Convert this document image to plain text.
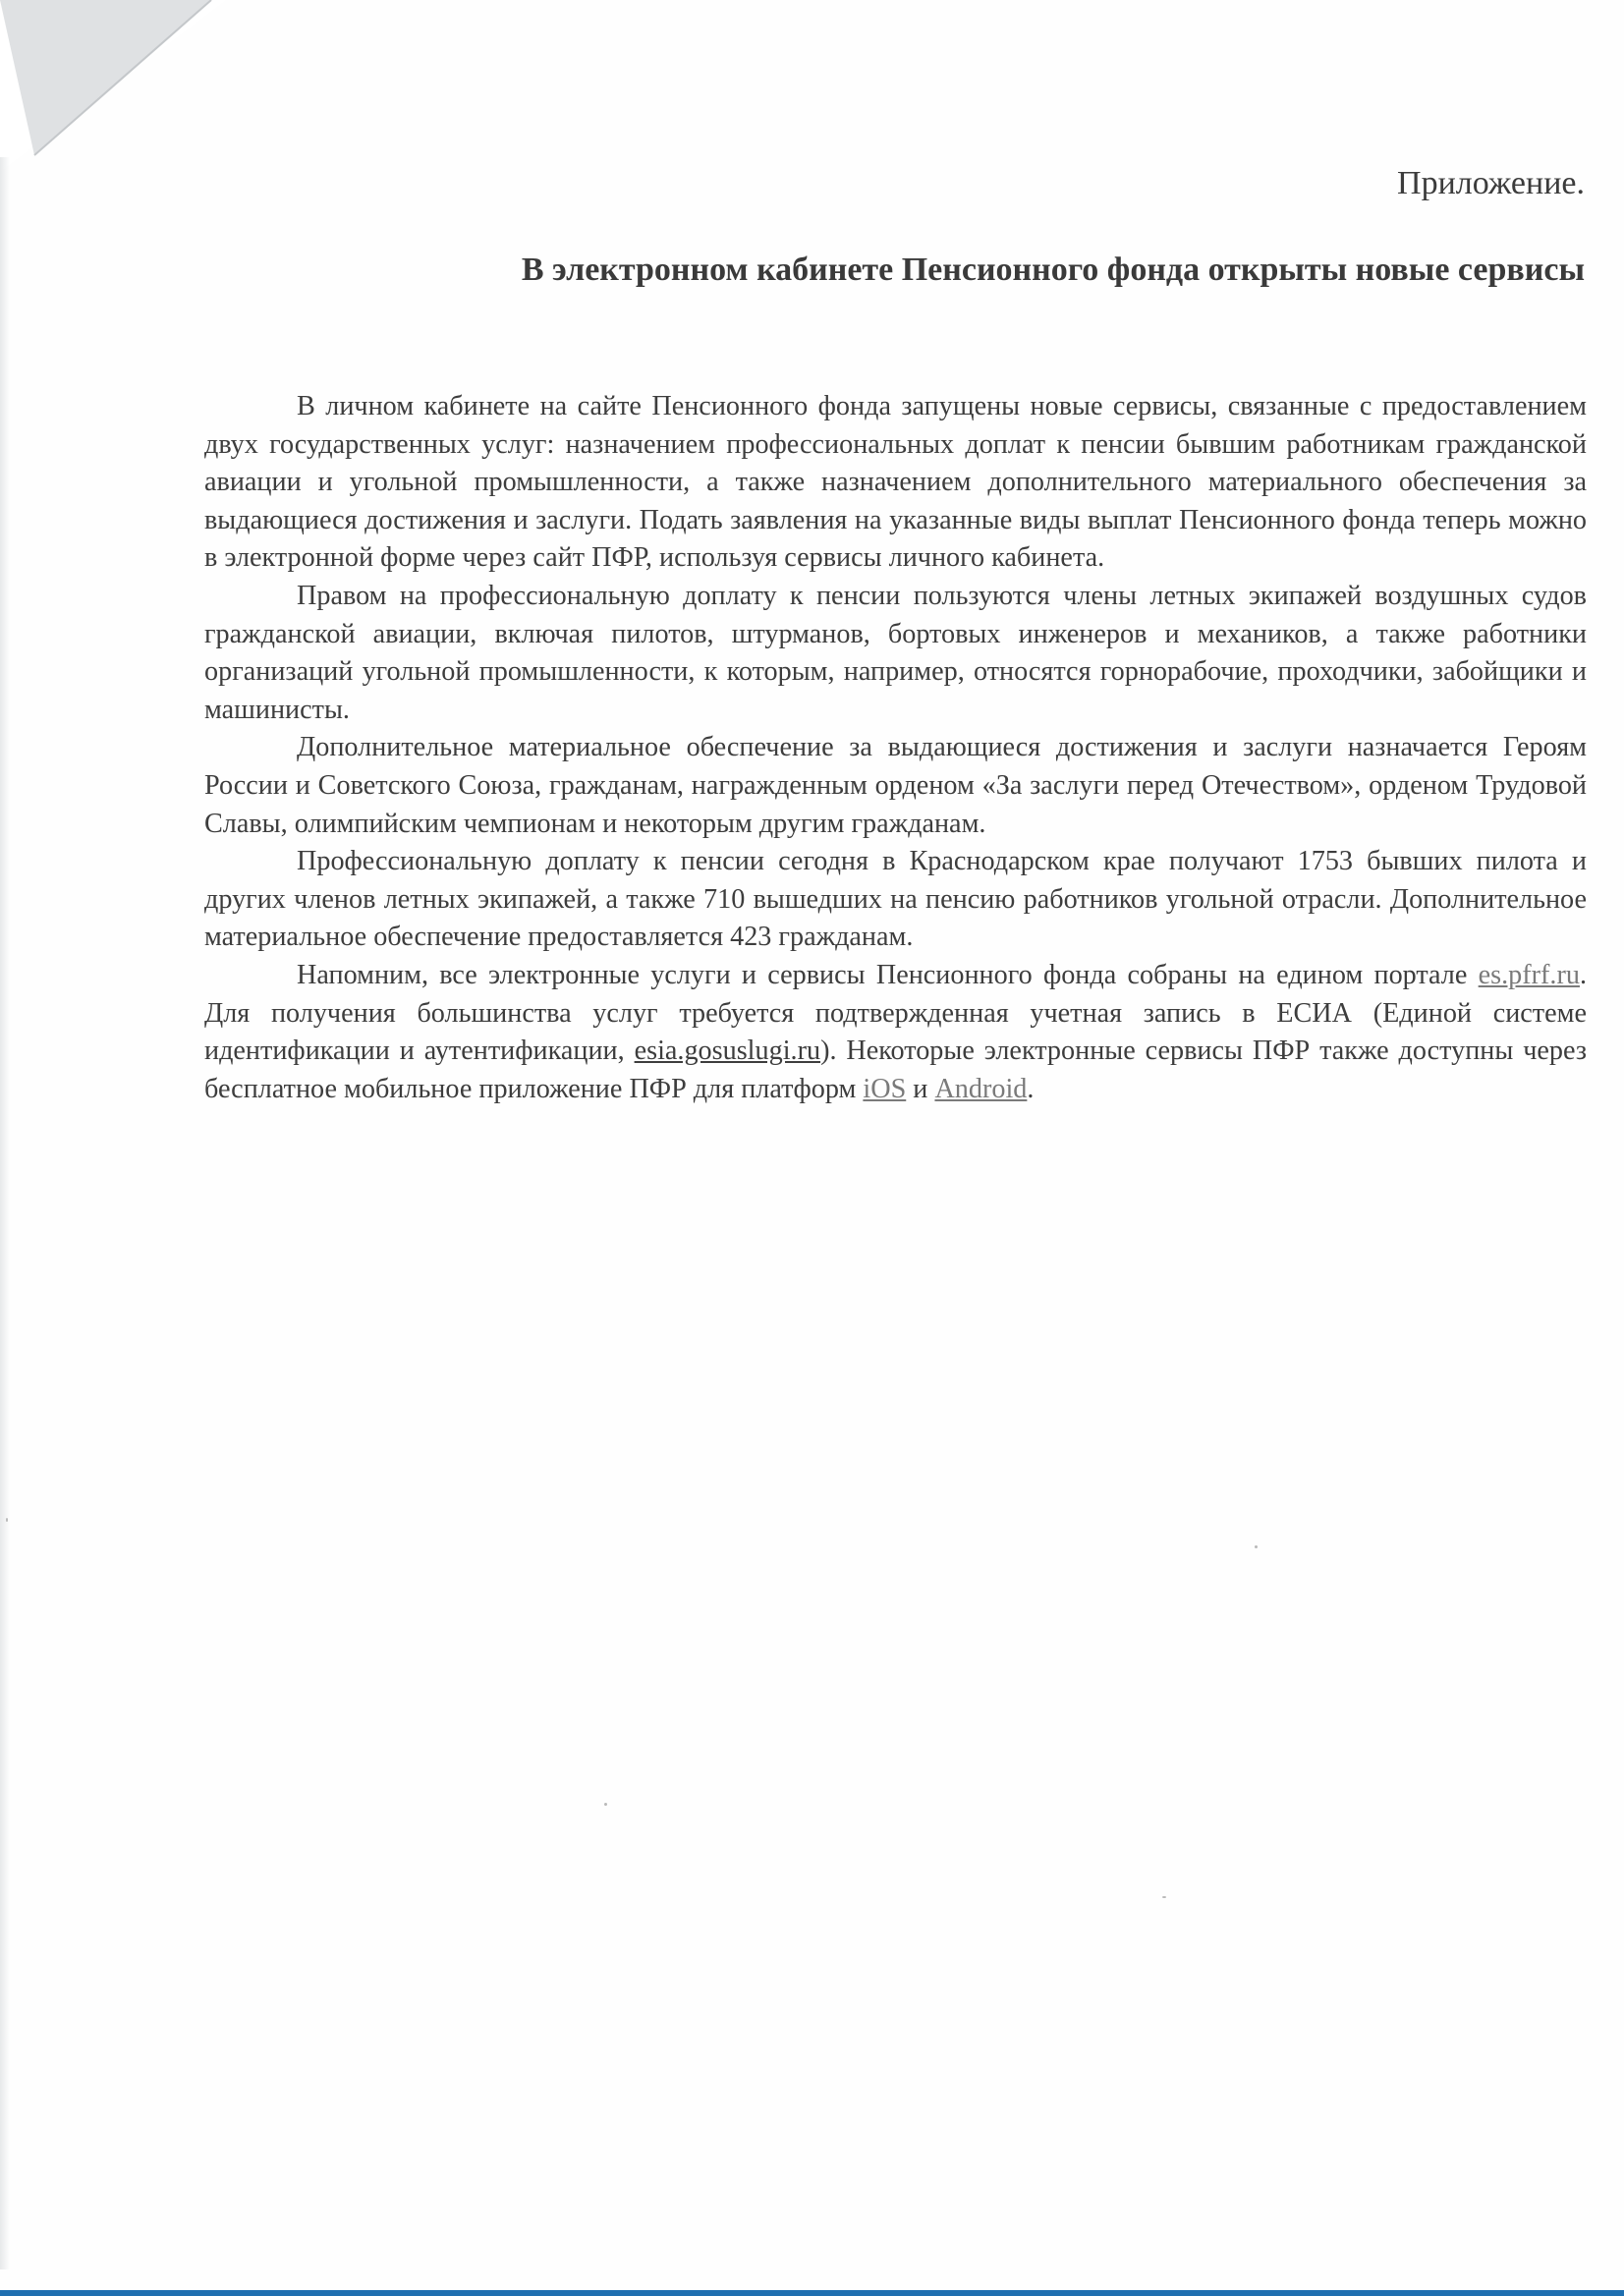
Приложение.
В электронном кабинете Пенсионного фонда открыты новые сервисы

В личном кабинете на сайте Пенсионного фонда запущены новые сервисы, связанные с предоставлением двух государственных услуг: назначением профессиональных доплат к пенсии бывшим работникам гражданской авиации и угольной промышленности, а также назначением дополнительного материального обеспечения за выдающиеся достижения и заслуги. Подать заявления на указанные виды выплат Пенсионного фонда теперь можно в электронной форме через сайт ПФР, используя сервисы личного кабинета.

Правом на профессиональную доплату к пенсии пользуются члены летных экипажей воздушных судов гражданской авиации, включая пилотов, штурманов, бортовых инженеров и механиков, а также работники организаций угольной промышленности, к которым, например, относятся горнорабочие, проходчики, забойщики и машинисты.

Дополнительное материальное обеспечение за выдающиеся достижения и заслуги назначается Героям России и Советского Союза, гражданам, награжденным орденом «За заслуги перед Отечеством», орденом Трудовой Славы, олимпийским чемпионам и некоторым другим гражданам.

Профессиональную доплату к пенсии сегодня в Краснодарском крае получают 1753 бывших пилота и других членов летных экипажей, а также 710 вышедших на пенсию работников угольной отрасли. Дополнительное материальное обеспечение предоставляется 423 гражданам.

Напомним, все электронные услуги и сервисы Пенсионного фонда собраны на едином портале es.pfrf.ru. Для получения большинства услуг требуется подтвержденная учетная запись в ЕСИА (Единой системе идентификации и аутентификации, esia.gosuslugi.ru). Некоторые электронные сервисы ПФР также доступны через бесплатное мобильное приложение ПФР для платформ iOS и Android.
